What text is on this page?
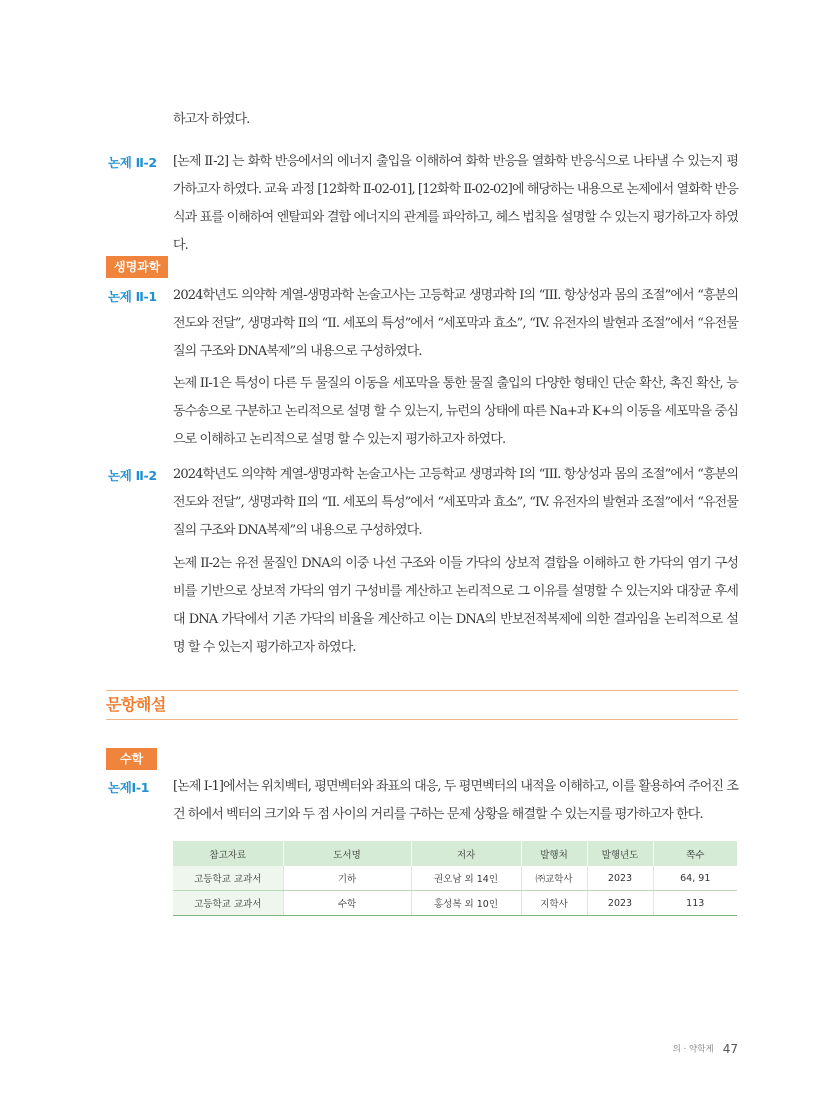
하고자 하였다.

논제 Ⅱ-2 [논제 Ⅱ-2] 는 화학 반응에서의 에너지 출입을 이해하여 화학 반응을 열화학 반응식으로 나타낼 수 있는지 평가하고자 하였다. 교육 과정 [12화학 Ⅱ-02-01], [12화학 Ⅱ-02-02]에 해당하는 내용으로 논제에서 열화학 반응식과 표를 이해하여 엔탈피와 결합 에너지의 관계를 파악하고, 헤스 법칙을 설명할 수 있는지 평가하고자 하였다.

생명과학
논제 Ⅱ-1 2024학년도 의약학 계열-생명과학 논술고사는 고등학교 생명과학 I의 “III. 항상성과 몸의 조절”에서 “흥분의 전도와 전달”, 생명과학 II의 “II. 세포의 특성”에서 “세포막과 효소”, “IV. 유전자의 발현과 조절”에서 “유전물질의 구조와 DNA복제”의 내용으로 구성하였다.

논제 II-1은 특성이 다른 두 물질의 이동을 세포막을 통한 물질 출입의 다양한 형태인 단순 확산, 촉진 확산, 능동수송으로 구분하고 논리적으로 설명 할 수 있는지, 뉴런의 상태에 따른 Na+과 K+의 이동을 세포막을 중심으로 이해하고 논리적으로 설명 할 수 있는지 평가하고자 하였다.

논제 Ⅱ-2 2024학년도 의약학 계열-생명과학 논술고사는 고등학교 생명과학 I의 “III. 항상성과 몸의 조절”에서 “흥분의 전도와 전달”, 생명과학 II의 “II. 세포의 특성”에서 “세포막과 효소”, “IV. 유전자의 발현과 조절”에서 “유전물질의 구조와 DNA복제”의 내용으로 구성하였다.

논제 II-2는 유전 물질인 DNA의 이중 나선 구조와 이들 가닥의 상보적 결합을 이해하고 한 가닥의 염기 구성비를 기반으로 상보적 가닥의 염기 구성비를 계산하고 논리적으로 그 이유를 설명할 수 있는지와 대장균 후세대 DNA 가닥에서 기존 가닥의 비율을 계산하고 이는 DNA의 반보전적복제에 의한 결과임을 논리적으로 설명 할 수 있는지 평가하고자 하였다.

문항해설
수학
논제Ⅰ-1 [논제 Ⅰ-1]에서는 위치벡터, 평면벡터와 좌표의 대응, 두 평면벡터의 내적을 이해하고, 이를 활용하여 주어진 조건 하에서 벡터의 크기와 두 점 사이의 거리를 구하는 문제 상황을 해결할 수 있는지를 평가하고자 한다.

참고자료	도서명	저자	발행처	발행년도	쪽수
고등학교 교과서	기하	권오남 외 14인	㈜교학사	2023	64, 91
고등학교 교과서	수학	홍성복 외 10인	지학사	2023	113
의 · 약학계 47
